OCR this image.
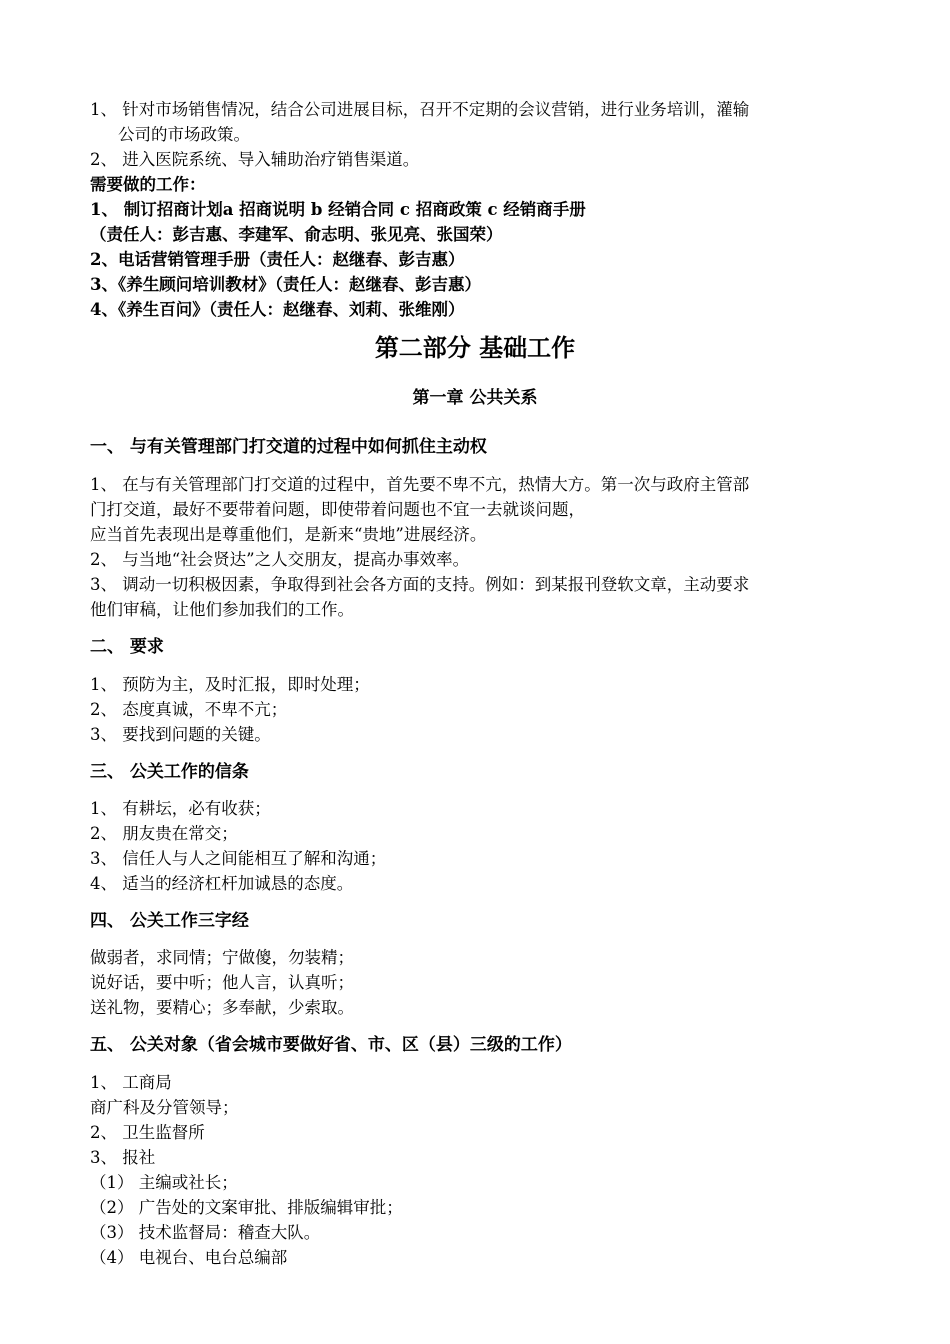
1、 针对市场销售情况，结合公司进展目标，召开不定期的会议营销，进行业务培训，灌输
公司的市场政策。
2、 进入医院系统、导入辅助治疗销售渠道。
需要做的工作：
1、 制订招商计划a 招商说明 b 经销合同 c 招商政策 c 经销商手册
（责任人：彭吉惠、李建军、俞志明、张见亮、张国荣）
2、电话营销管理手册（责任人：赵继春、彭吉惠）
3、《养生顾问培训教材》（责任人：赵继春、彭吉惠）
4、《养生百问》（责任人：赵继春、刘莉、张维刚）
第二部分 基础工作
第一章 公共关系
一、 与有关管理部门打交道的过程中如何抓住主动权
1、 在与有关管理部门打交道的过程中，首先要不卑不亢，热情大方。第一次与政府主管部
门打交道，最好不要带着问题，即使带着问题也不宜一去就谈问题，
应当首先表现出是尊重他们，是新来“贵地”进展经济。
2、 与当地“社会贤达”之人交朋友，提高办事效率。
3、 调动一切积极因素，争取得到社会各方面的支持。例如：到某报刊登软文章，主动要求
他们审稿，让他们参加我们的工作。
二、 要求
1、 预防为主，及时汇报，即时处理；
2、 态度真诚，不卑不亢；
3、 要找到问题的关键。
三、 公关工作的信条
1、 有耕坛，必有收获；
2、 朋友贵在常交；
3、 信任人与人之间能相互了解和沟通；
4、 适当的经济杠杆加诚恳的态度。
四、 公关工作三字经
做弱者，求同情；宁做傻，勿装精；
说好话，要中听；他人言，认真听；
送礼物，要精心；多奉献，少索取。
五、 公关对象（省会城市要做好省、市、区（县）三级的工作）
1、 工商局
商广科及分管领导；
2、 卫生监督所
3、 报社
（1） 主编或社长；
（2） 广告处的文案审批、排版编辑审批；
（3） 技术监督局：稽查大队。
（4） 电视台、电台总编部
